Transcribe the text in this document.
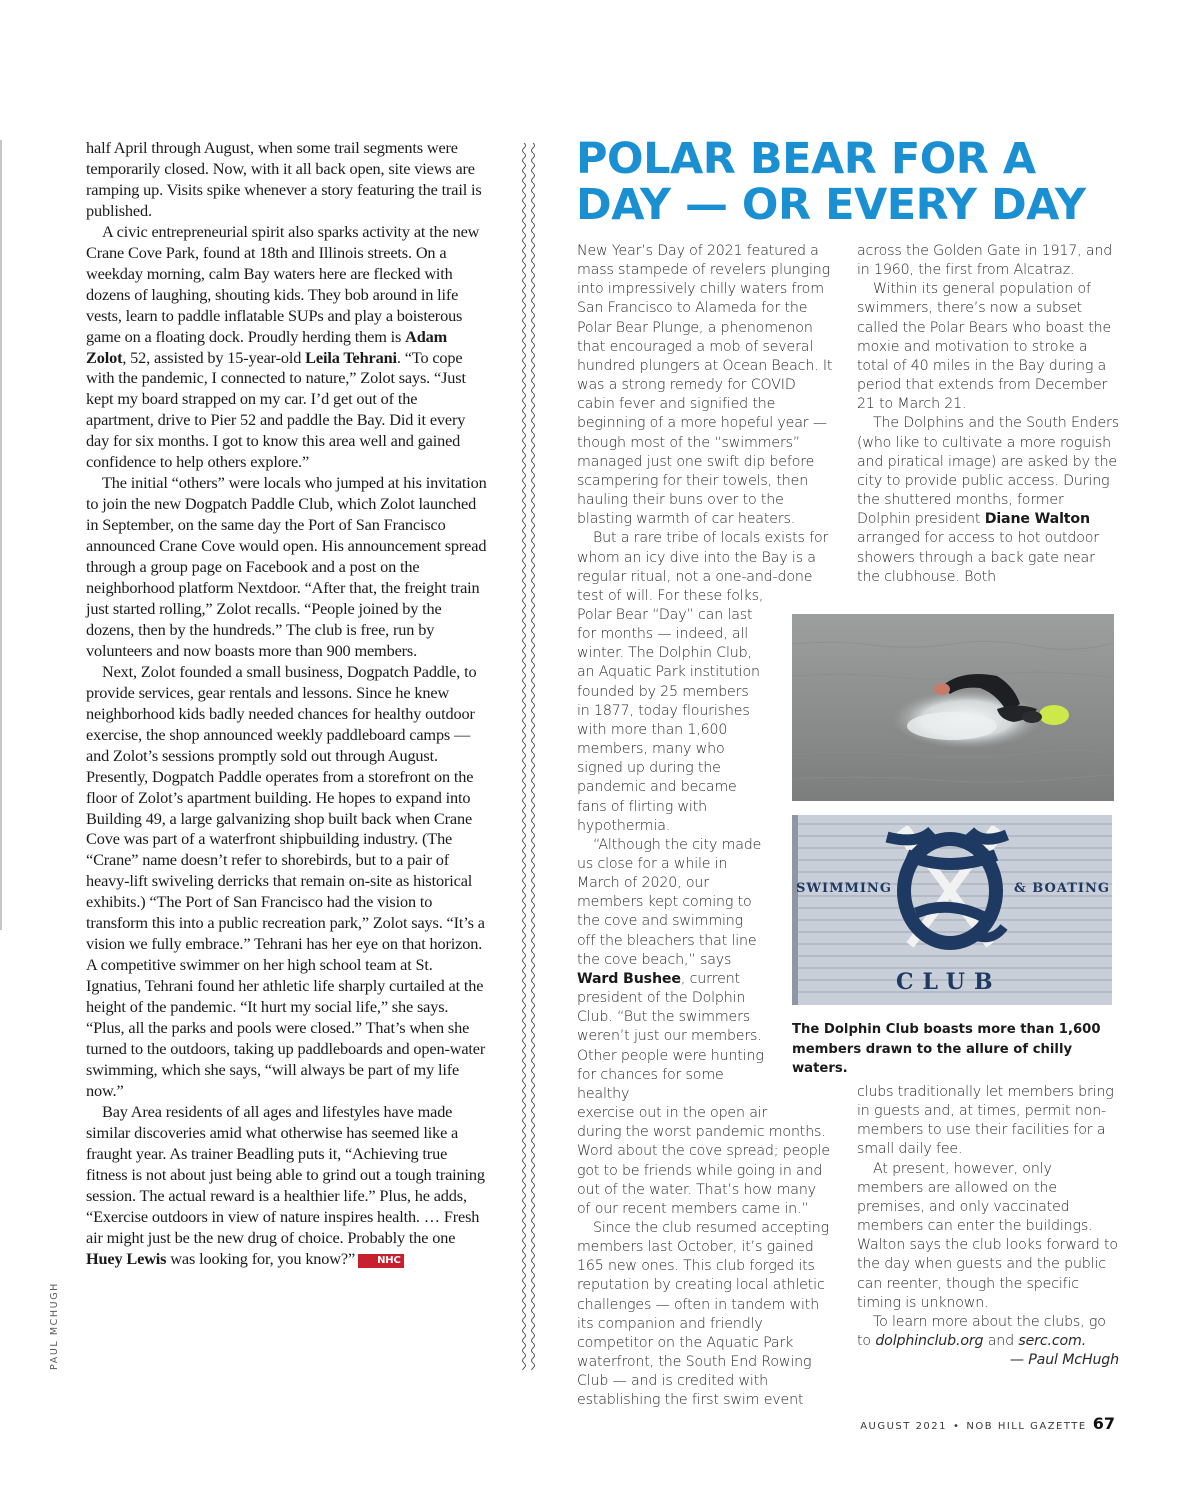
PAUL MCHUGH

half April through August, when some trail segments were temporarily closed. Now, with it all back open, site views are ramping up. Visits spike whenever a story featuring the trail is published.

A civic entrepreneurial spirit also sparks activity at the new Crane Cove Park, found at 18th and Illinois streets. On a weekday morning, calm Bay waters here are flecked with dozens of laughing, shouting kids. They bob around in life vests, learn to paddle inflatable SUPs and play a boisterous game on a floating dock. Proudly herding them is Adam Zolot, 52, assisted by 15-year-old Leila Tehrani. “To cope with the pandemic, I connected to nature,” Zolot says. “Just kept my board strapped on my car. I’d get out of the apartment, drive to Pier 52 and paddle the Bay. Did it every day for six months. I got to know this area well and gained confidence to help others explore.”

The initial “others” were locals who jumped at his invitation to join the new Dogpatch Paddle Club, which Zolot launched in September, on the same day the Port of San Francisco announced Crane Cove would open. His announcement spread through a group page on Facebook and a post on the neighborhood platform Nextdoor. “After that, the freight train just started rolling,” Zolot recalls. “People joined by the dozens, then by the hundreds.” The club is free, run by volunteers and now boasts more than 900 members.

Next, Zolot founded a small business, Dogpatch Paddle, to provide services, gear rentals and lessons. Since he knew neighborhood kids badly needed chances for healthy outdoor exercise, the shop announced weekly paddleboard camps — and Zolot’s sessions promptly sold out through August. Presently, Dogpatch Paddle operates from a storefront on the floor of Zolot’s apartment building. He hopes to expand into Building 49, a large galvanizing shop built back when Crane Cove was part of a waterfront shipbuilding industry. (The “Crane” name doesn’t refer to shorebirds, but to a pair of heavy-lift swiveling derricks that remain on-site as historical exhibits.) “The Port of San Francisco had the vision to transform this into a public recreation park,” Zolot says. “It’s a vision we fully embrace.” Tehrani has her eye on that horizon. A competitive swimmer on her high school team at St. Ignatius, Tehrani found her athletic life sharply curtailed at the height of the pandemic. “It hurt my social life,” she says. “Plus, all the parks and pools were closed.” That’s when she turned to the outdoors, taking up paddleboards and open-water swimming, which she says, “will always be part of my life now.”

Bay Area residents of all ages and lifestyles have made similar discoveries amid what otherwise has seemed like a fraught year. As trainer Beadling puts it, “Achieving true fitness is not about just being able to grind out a tough training session. The actual reward is a healthier life.” Plus, he adds, “Exercise outdoors in view of nature inspires health. … Fresh air might just be the new drug of choice. Probably the one Huey Lewis was looking for, you know?” NHC

POLAR BEAR FOR A
DAY — OR EVERY DAY

New Year’s Day of 2021 featured a mass stampede of revelers plunging into impressively chilly waters from San Francisco to Alameda for the Polar Bear Plunge, a phenomenon that encouraged a mob of several hundred plungers at Ocean Beach. It was a strong remedy for COVID cabin fever and signified the beginning of a more hopeful year — though most of the “swimmers” managed just one swift dip before scampering for their towels, then hauling their buns over to the blasting warmth of car heaters.

But a rare tribe of locals exists for whom an icy dive into the Bay is a regular ritual, not a one-and-done test of will. For these folks,

Polar Bear “Day” can last for months — indeed, all winter. The Dolphin Club, an Aquatic Park institution founded by 25 members in 1877, today flourishes with more than 1,600 members, many who signed up during the pandemic and became fans of flirting with hypothermia.
“Although the city made us close for a while in March of 2020, our members kept coming to the cove and swimming off the bleachers that line the cove beach,” says Ward Bushee, current president of the Dolphin Club. “But the swimmers weren’t just our members. Other people were hunting for chances for some healthy
exercise out in the open air
during the worst pandemic months. Word about the cove spread; people got to be friends while going in and out of the water. That’s how many of our recent members came in.”

Since the club resumed accepting members last October, it’s gained 165 new ones. This club forged its reputation by creating local athletic challenges — often in tandem with its companion and friendly competitor on the Aquatic Park waterfront, the South End Rowing Club — and is credited with establishing the first swim event

across the Golden Gate in 1917, and in 1960, the first from Alcatraz.

Within its general population of swimmers, there’s now a subset called the Polar Bears who boast the moxie and motivation to stroke a total of 40 miles in the Bay during a period that extends from December 21 to March 21.

The Dolphins and the South Enders (who like to cultivate a more roguish and piratical image) are asked by the city to provide public access. During the shuttered months, former Dolphin president Diane Walton arranged for access to hot outdoor showers through a back gate near the clubhouse. Both

SWIMMING	& BOATING
CLUB

The Dolphin Club boasts more than 1,600 members drawn to the allure of chilly waters.

clubs traditionally let members bring in guests and, at times, permit non-members to use their facilities for a small daily fee.

At present, however, only members are allowed on the premises, and only vaccinated members can enter the buildings. Walton says the club looks forward to the day when guests and the public can reenter, though the specific timing is unknown.

To learn more about the clubs, go to dolphinclub.org and serc.com.

— Paul McHugh
AUGUST 2021 • NOB HILL GAZETTE 67
